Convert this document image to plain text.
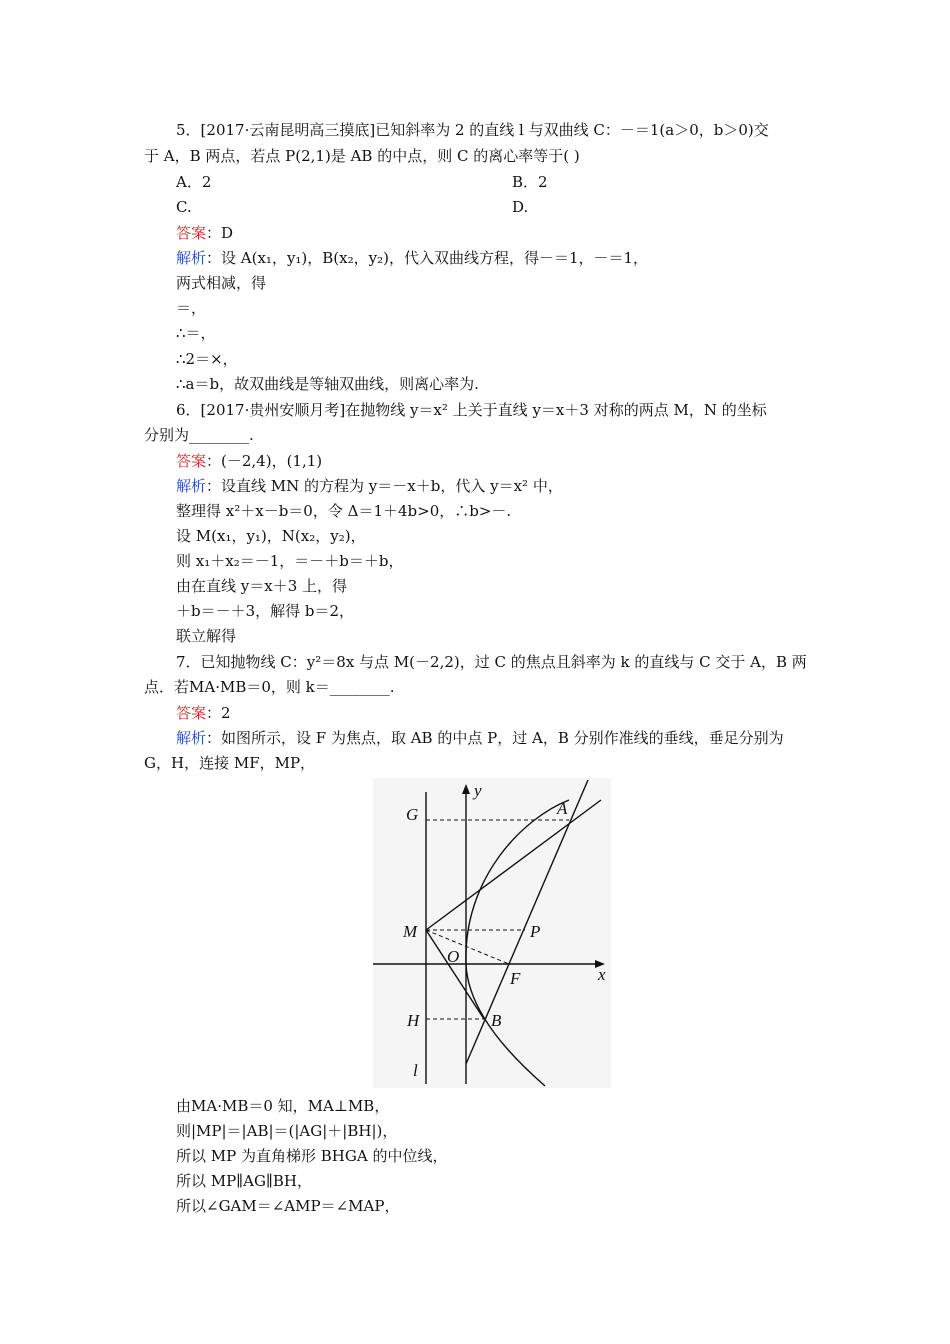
5．[2017·云南昆明高三摸底]已知斜率为 2 的直线 l 与双曲线 C：－＝1(a＞0，b＞0)交
于 A，B 两点，若点 P(2,1)是 AB 的中点，则 C 的离心率等于( )
A．2	B．2
C.	D.
答案：D
解析：设 A(x₁，y₁)，B(x₂，y₂)，代入双曲线方程，得－＝1，－＝1，
两式相减，得
＝，
∴＝，
∴2＝×，
∴a＝b，故双曲线是等轴双曲线，则离心率为.
6．[2017·贵州安顺月考]在抛物线 y＝x² 上关于直线 y＝x＋3 对称的两点 M，N 的坐标
分别为________.
答案：(－2,4)，(1,1)
解析：设直线 MN 的方程为 y＝－x＋b，代入 y＝x² 中，
整理得 x²＋x－b＝0，令 Δ＝1＋4b>0，∴b>－.
设 M(x₁，y₁)，N(x₂，y₂)，
则 x₁＋x₂＝－1，＝－＋b＝＋b，
由在直线 y＝x＋3 上，得
＋b＝－＋3，解得 b＝2，
联立解得
7．已知抛物线 C：y²＝8x 与点 M(－2,2)，过 C 的焦点且斜率为 k 的直线与 C 交于 A，B 两
点．若MA·MB＝0，则 k＝________.
答案：2
解析：如图所示，设 F 为焦点，取 AB 的中点 P，过 A，B 分别作准线的垂线，垂足分别为
G，H，连接 MF，MP，
y
x
A
G
M	P
O
F
H	B
l
由MA·MB＝0 知，MA⊥MB，
则|MP|＝|AB|＝(|AG|＋|BH|)，
所以 MP 为直角梯形 BHGA 的中位线，
所以 MP∥AG∥BH，
所以∠GAM＝∠AMP＝∠MAP，
